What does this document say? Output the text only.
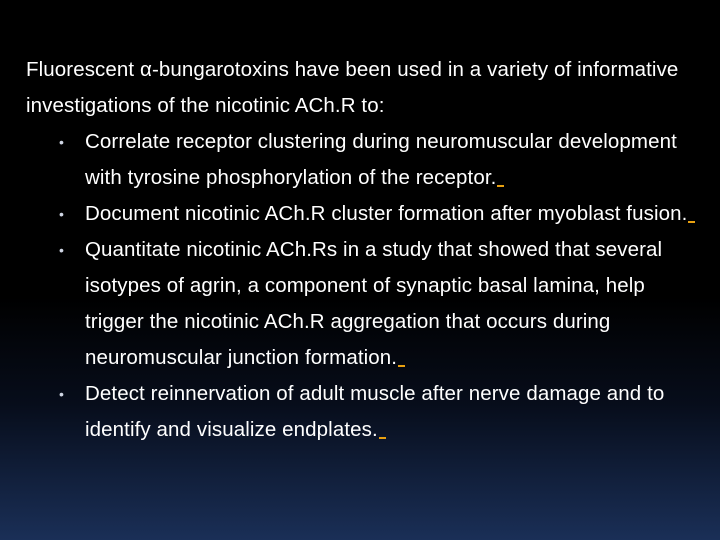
Fluorescent α-bungarotoxins have been used in a variety of informative investigations of the nicotinic ACh.R to:

• Correlate receptor clustering during neuromuscular development with tyrosine phosphorylation of the receptor.
• Document nicotinic ACh.R cluster formation after myoblast fusion.
• Quantitate nicotinic ACh.Rs in a study that showed that several isotypes of agrin, a component of synaptic basal lamina, help trigger the nicotinic ACh.R aggregation that occurs during neuromuscular junction formation.
• Detect reinnervation of adult muscle after nerve damage and to identify and visualize endplates.
